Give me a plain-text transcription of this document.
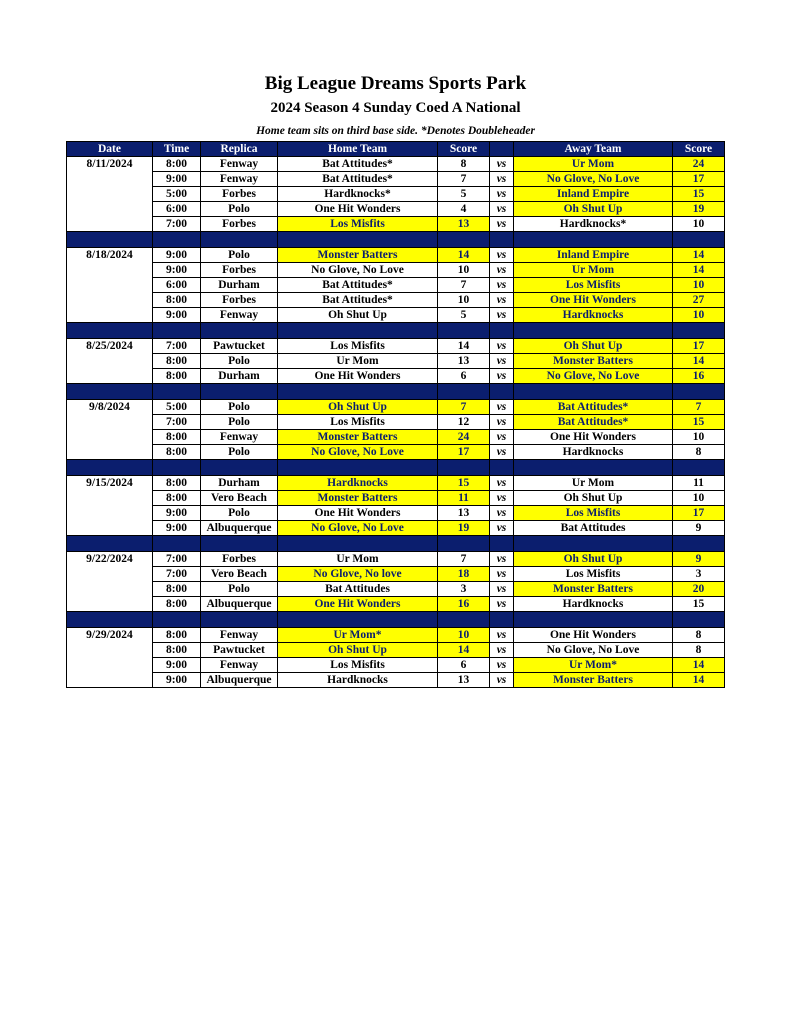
Big League Dreams Sports Park
2024 Season 4 Sunday Coed A National
Home team sits on third base side. *Denotes Doubleheader
Date	Time	Replica	Home Team	Score		Away Team	Score
8/11/2024	8:00	Fenway	Bat Attitudes*	8	vs	Ur Mom	24
	9:00	Fenway	Bat Attitudes*	7	vs	No Glove, No Love	17
	5:00	Forbes	Hardknocks*	5	vs	Inland Empire	15
	6:00	Polo	One Hit Wonders	4	vs	Oh Shut Up	19
	7:00	Forbes	Los Misfits	13	vs	Hardknocks*	10

8/18/2024	9:00	Polo	Monster Batters	14	vs	Inland Empire	14
	9:00	Forbes	No Glove, No Love	10	vs	Ur Mom	14
	6:00	Durham	Bat Attitudes*	7	vs	Los Misfits	10
	8:00	Forbes	Bat Attitudes*	10	vs	One Hit Wonders	27
	9:00	Fenway	Oh Shut Up	5	vs	Hardknocks	10

8/25/2024	7:00	Pawtucket	Los Misfits	14	vs	Oh Shut Up	17
	8:00	Polo	Ur Mom	13	vs	Monster Batters	14
	8:00	Durham	One Hit Wonders	6	vs	No Glove, No Love	16

9/8/2024	5:00	Polo	Oh Shut Up	7	vs	Bat Attitudes*	7
	7:00	Polo	Los Misfits	12	vs	Bat Attitudes*	15
	8:00	Fenway	Monster Batters	24	vs	One Hit Wonders	10
	8:00	Polo	No Glove, No Love	17	vs	Hardknocks	8

9/15/2024	8:00	Durham	Hardknocks	15	vs	Ur Mom	11
	8:00	Vero Beach	Monster Batters	11	vs	Oh Shut Up	10
	9:00	Polo	One Hit Wonders	13	vs	Los Misfits	17
	9:00	Albuquerque	No Glove, No Love	19	vs	Bat Attitudes	9

9/22/2024	7:00	Forbes	Ur Mom	7	vs	Oh Shut Up	9
	7:00	Vero Beach	No Glove, No love	18	vs	Los Misfits	3
	8:00	Polo	Bat Attitudes	3	vs	Monster Batters	20
	8:00	Albuquerque	One Hit Wonders	16	vs	Hardknocks	15

9/29/2024	8:00	Fenway	Ur Mom*	10	vs	One Hit Wonders	8
	8:00	Pawtucket	Oh Shut Up	14	vs	No Glove, No Love	8
	9:00	Fenway	Los Misfits	6	vs	Ur Mom*	14
	9:00	Albuquerque	Hardknocks	13	vs	Monster Batters	14
